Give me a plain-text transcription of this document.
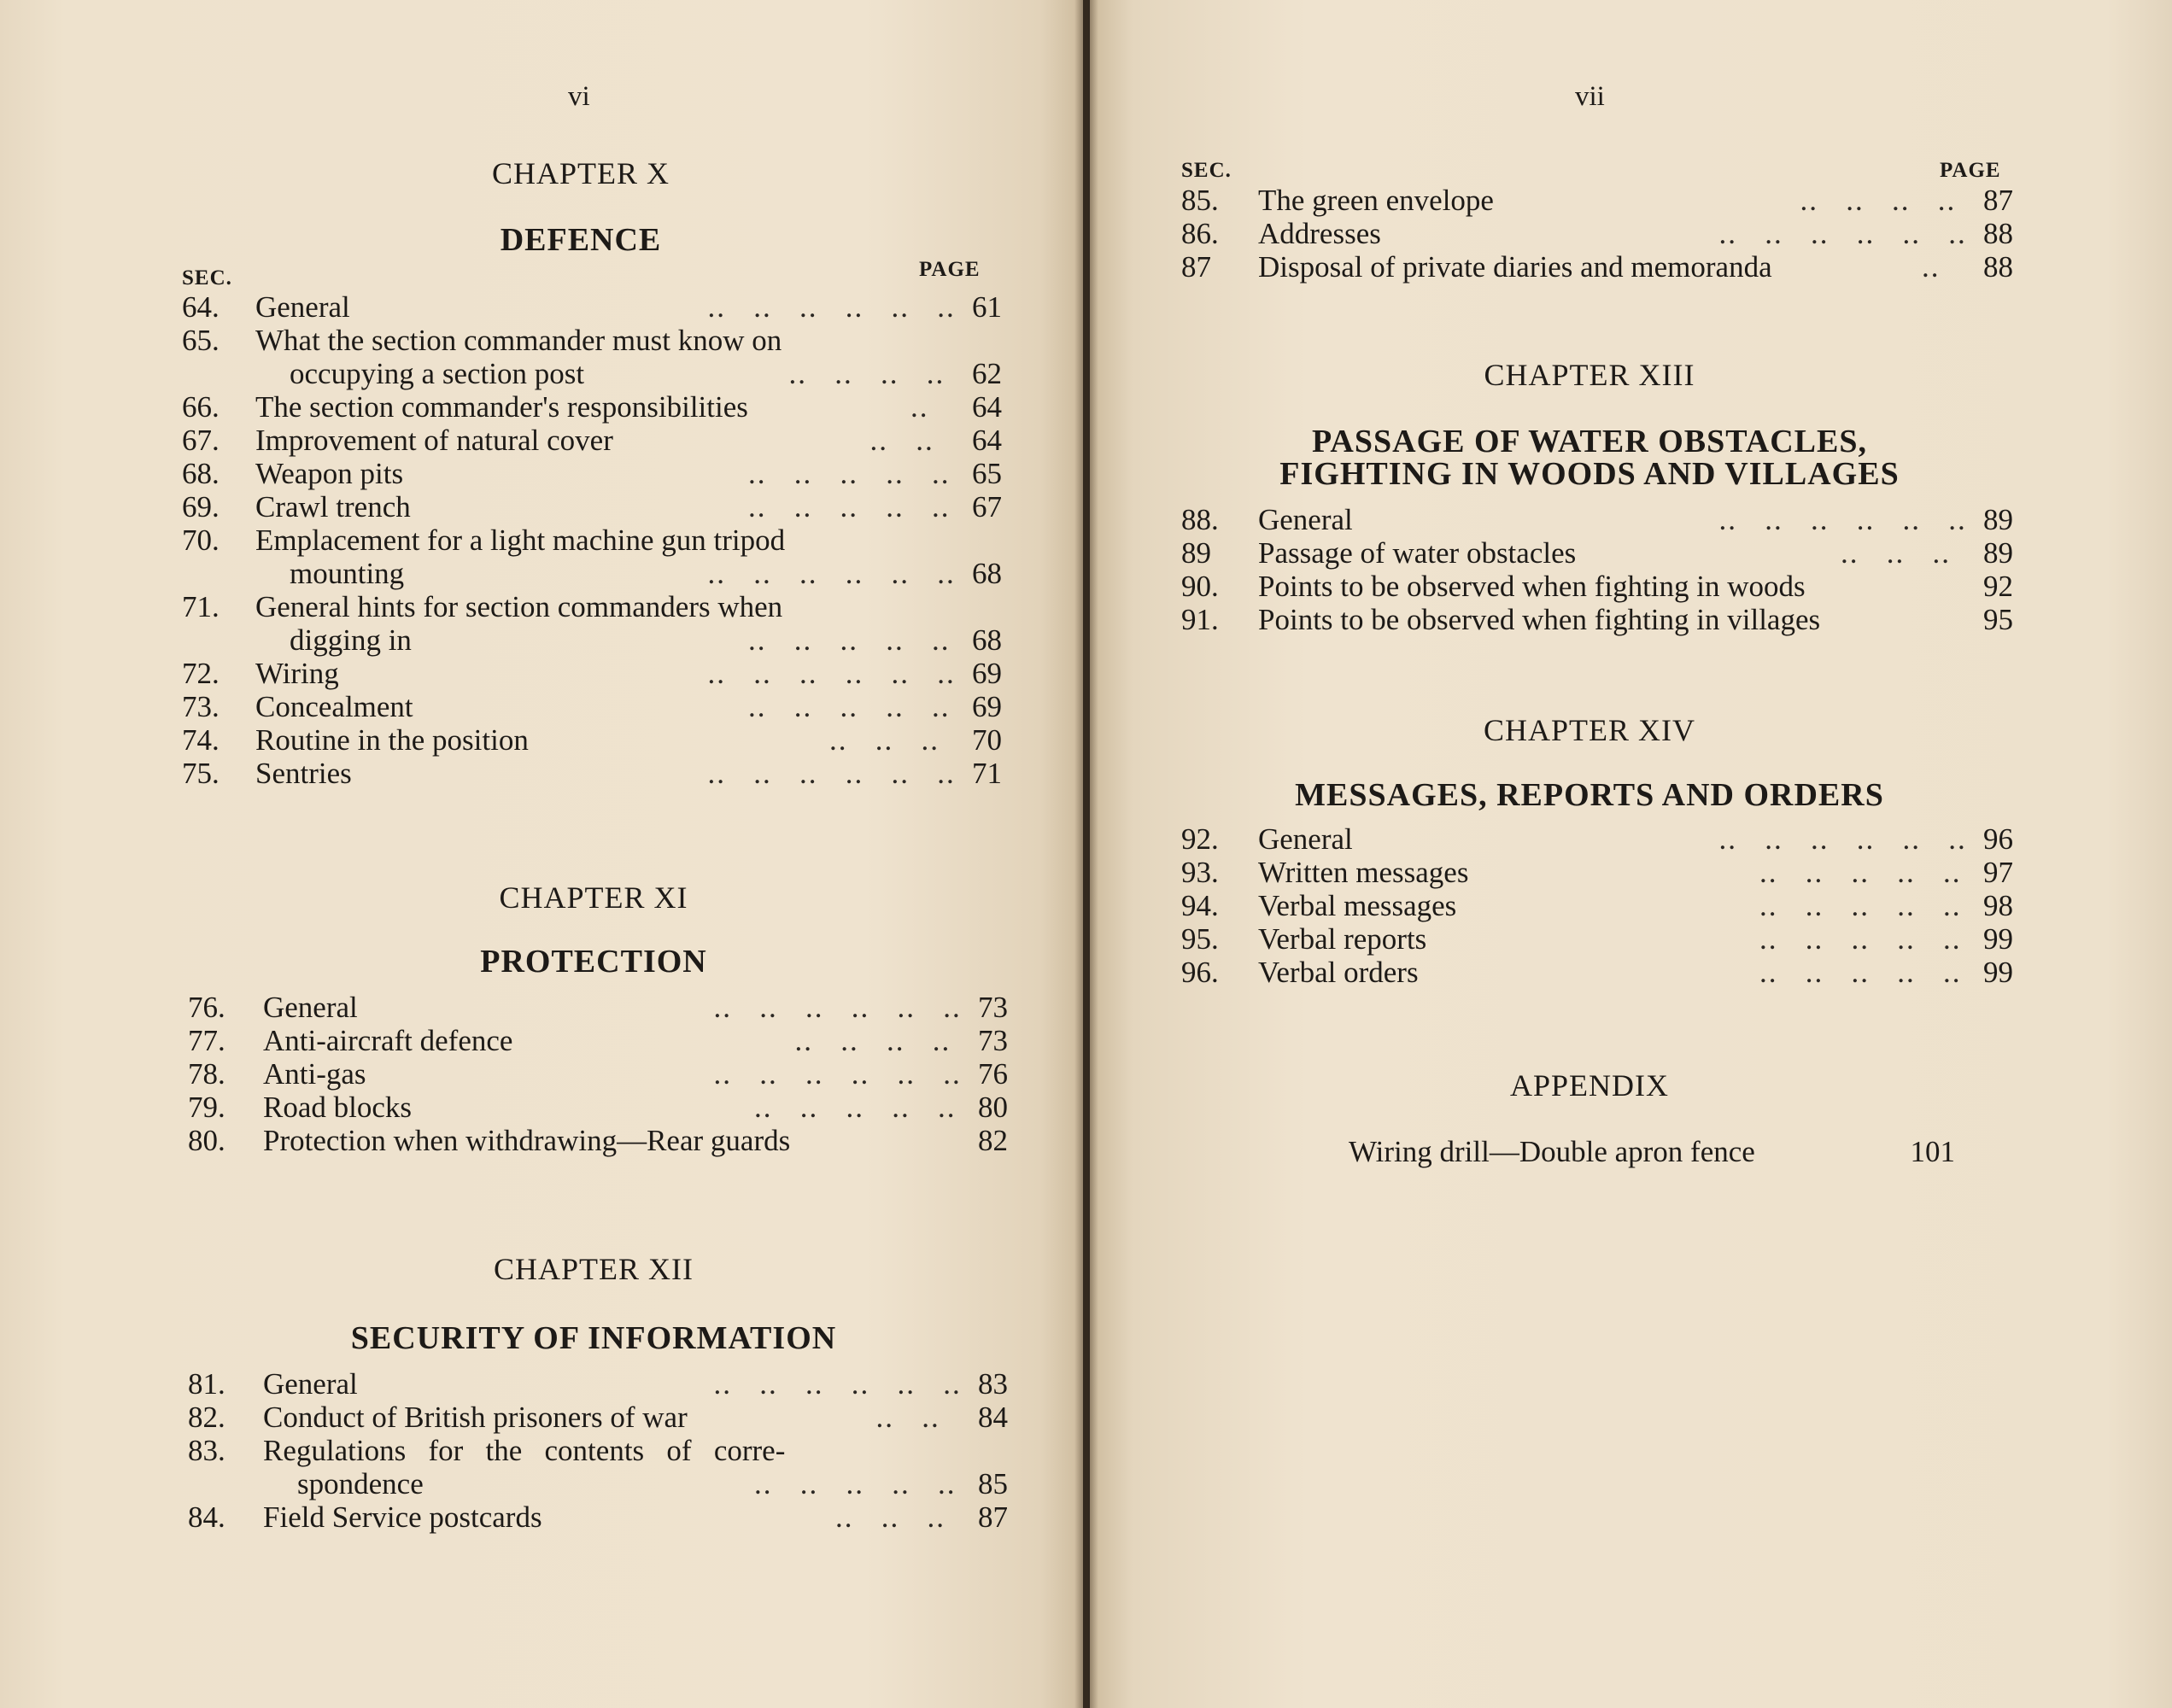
vi
CHAPTER X
DEFENCE
SEC.	PAGE
64. General	..   ..   ..   ..   ..   .. 61
65. What the section commander must know on
occupying a section post	..   ..   ..   .. 62
66. The section commander's responsibilities	..	64
67. Improvement of natural cover	..   ..	64
68. Weapon pits	..   ..   ..   ..   .. 65
69. Crawl trench	..   ..   ..   ..   .. 67
70. Emplacement for a light machine gun tripod
mounting	..   ..   ..   ..   ..   .. 68
71. General hints for section commanders when
digging in	..   ..   ..   ..   .. 68
72. Wiring	..   ..   ..   ..   ..   .. 69
73. Concealment	..   ..   ..   ..   .. 69
74. Routine in the position	..   ..   ..	70
75. Sentries	..   ..   ..   ..   ..   .. 71
CHAPTER XI
PROTECTION
76. General	..   ..   ..   ..   ..   .. 73
77. Anti-aircraft defence	..   ..   ..   .. 73
78. Anti-gas	..   ..   ..   ..   ..   .. 76
79. Road blocks	..   ..   ..   ..   .. 80
80. Protection when withdrawing—Rear guards	82
CHAPTER XII
SECURITY OF INFORMATION
81. General	..   ..   ..   ..   ..   .. 83
82. Conduct of British prisoners of war	..   ..	84
83. Regulations   for   the   contents   of   corre-
spondence	..   ..   ..   ..   .. 85
84. Field Service postcards	..   ..   ..	87
vii
SEC.	PAGE
85. The green envelope	..   ..   ..   .. 87
86. Addresses	..   ..   ..   ..   ..   .. 88
87 Disposal of private diaries and memoranda	..	88
CHAPTER XIII
PASSAGE OF WATER OBSTACLES,
FIGHTING IN WOODS AND VILLAGES
88. General	..   ..   ..   ..   ..   .. 89
89 Passage of water obstacles	..   ..   ..	89
90. Points to be observed when fighting in woods	92
91. Points to be observed when fighting in villages	95
CHAPTER XIV
MESSAGES, REPORTS AND ORDERS
92. General	..   ..   ..   ..   ..   .. 96
93. Written messages	..   ..   ..   ..   .. 97
94. Verbal messages	..   ..   ..   ..   .. 98
95. Verbal reports	..   ..   ..   ..   .. 99
96. Verbal orders	..   ..   ..   ..   .. 99
APPENDIX
Wiring drill—Double apron fence	101
